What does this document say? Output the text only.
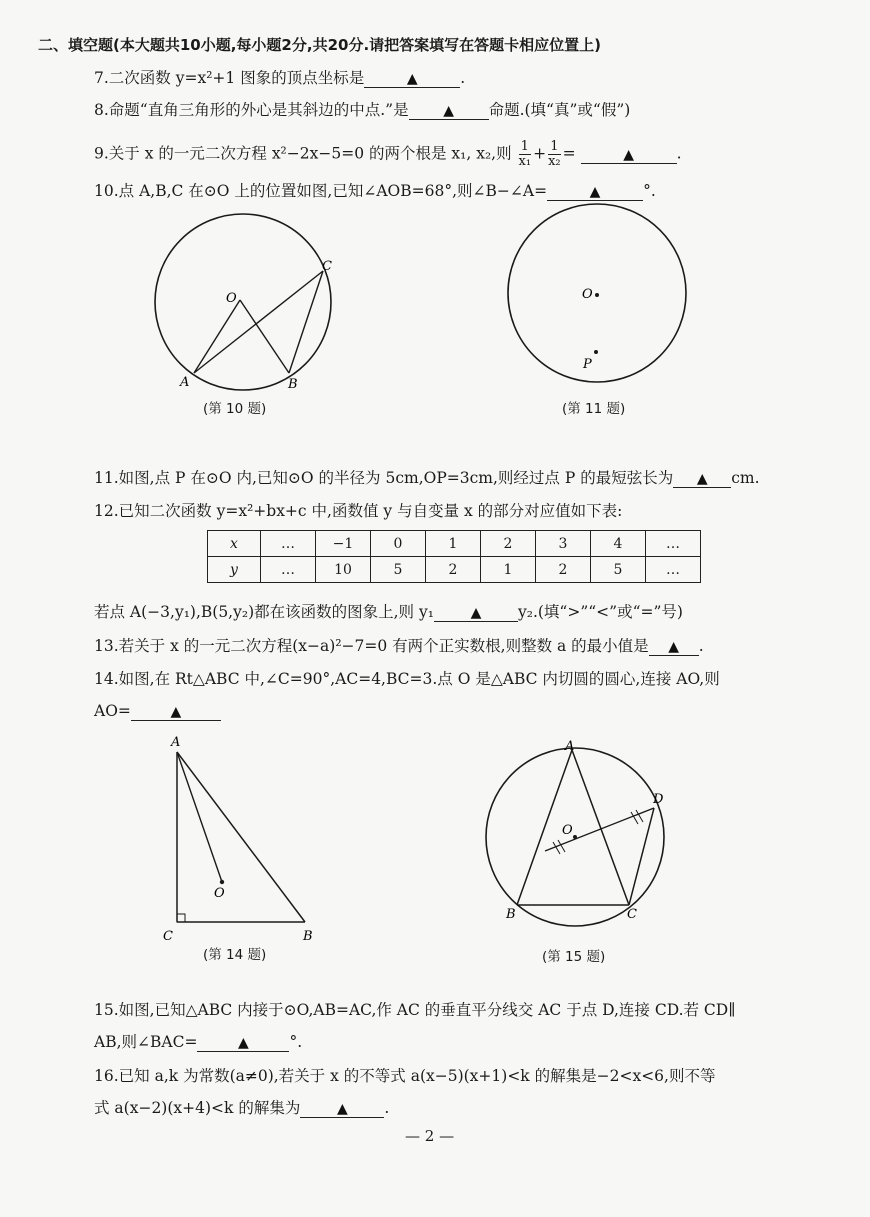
二、填空题(本大题共10小题,每小题2分,共20分.请把答案填写在答题卡相应位置上)
7.二次函数 y=x²+1 图象的顶点坐标是	▲	.
8.命题“直角三角形的外心是其斜边的中点.”是 ▲ 命题.(填“真”或“假”)
9.关于 x 的一元二次方程 x²−2x−5=0 的两个根是 x₁, x₂,则 $\frac{1}{\text{x₁}} + \frac{1}{\text{x₂}}$ =	▲	.
10.点 A,B,C 在⊙O 上的位置如图,已知∠AOB=68°,则∠B−∠A=	▲	°.
O
A	B
C
O
P
A
O
C	B
A
O
D
B	C
(第 10 题)	(第 11 题)
11.如图,点 P 在⊙O 内,已知⊙O 的半径为 5cm,OP=3cm,则经过点 P 的最短弦长为 ▲ cm.
12.已知二次函数 y=x²+bx+c 中,函数值 y 与自变量 x 的部分对应值如下表:
x	…	−1	0	1	2	3	4	…
y	…	10	5	2	1	2	5	…
若点 A(−3,y₁),B(5,y₂)都在该函数的图象上,则 y₁	▲ y₂.(填“>”“<”或“=”号)
13.若关于 x 的一元二次方程(x−a)²−7=0 有两个正实数根,则整数 a 的最小值是 ▲ .
14.如图,在 Rt△ABC 中,∠C=90°,AC=4,BC=3.点 O 是△ABC 内切圆的圆心,连接 AO,则
AO=	▲
(第 14 题)	(第 15 题)
15.如图,已知△ABC 内接于⊙O,AB=AC,作 AC 的垂直平分线交 AC 于点 D,连接 CD.若 CD∥
AB,则∠BAC=	▲	°.
16.已知 a,k 为常数(a≠0),若关于 x 的不等式 a(x−5)(x+1)<k 的解集是−2<x<6,则不等
式 a(x−2)(x+4)<k 的解集为	▲ .
— 2 —
